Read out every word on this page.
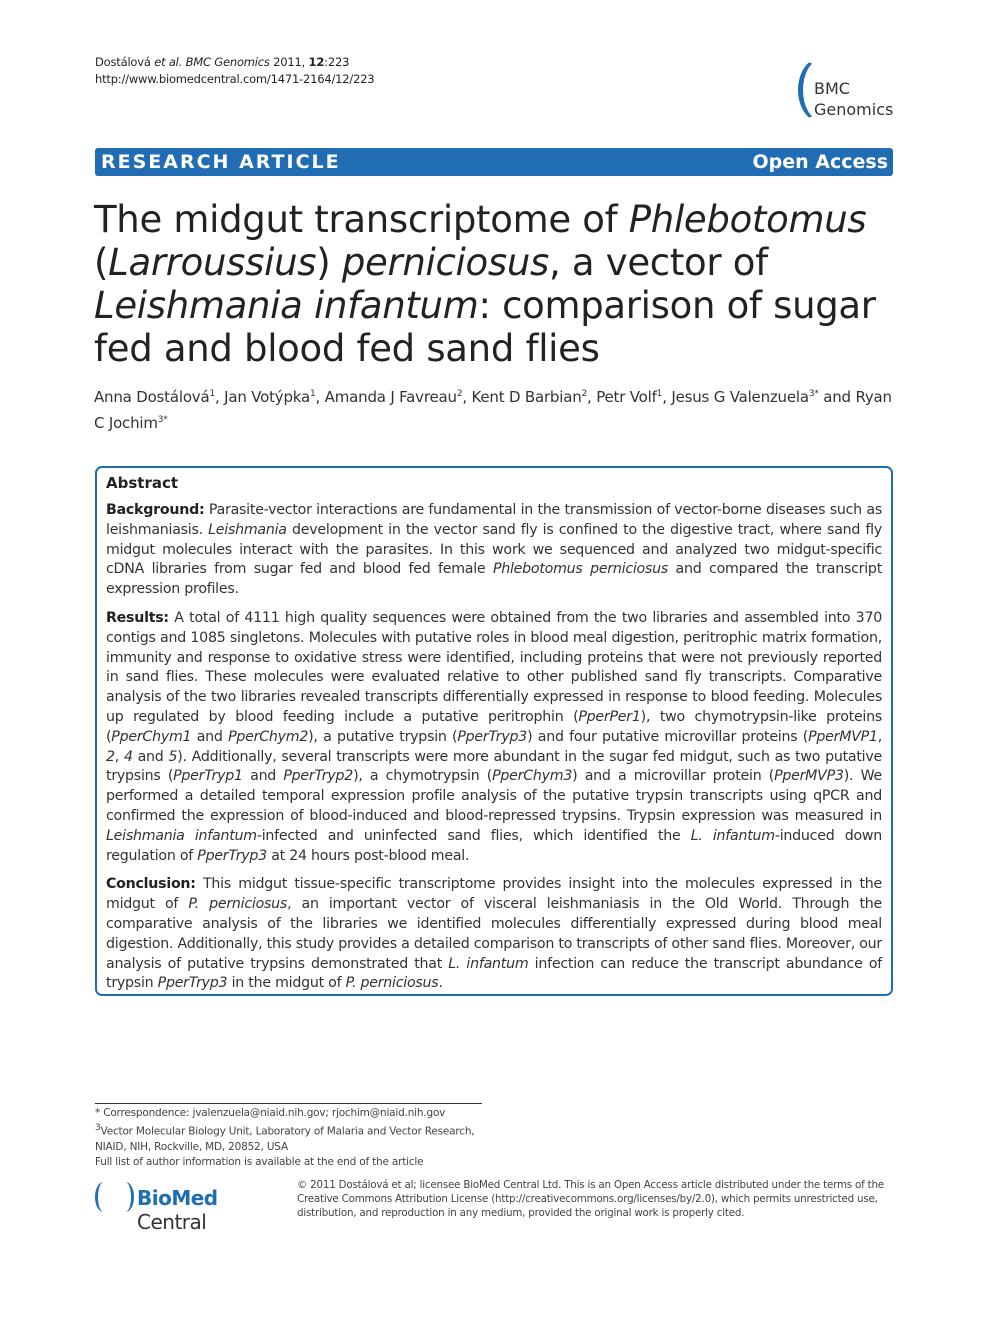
Dostálová et al. BMC Genomics 2011, 12:223
http://www.biomedcentral.com/1471-2164/12/223	BMC Genomics
RESEARCH ARTICLE	Open Access
The midgut transcriptome of Phlebotomus (Larroussius) perniciosus, a vector of Leishmania infantum: comparison of sugar fed and blood fed sand flies
Anna Dostálová$^1$, Jan Votýpka$^1$, Amanda J Favreau$^2$, Kent D Barbian$^2$, Petr Volf$^1$, Jesus G Valenzuela$^{3*}$ and Ryan C Jochim$^{3*}$
Abstract
Background: Parasite-vector interactions are fundamental in the transmission of vector-borne diseases such as leishmaniasis. Leishmania development in the vector sand fly is confined to the digestive tract, where sand fly midgut molecules interact with the parasites. In this work we sequenced and analyzed two midgut-specific cDNA libraries from sugar fed and blood fed female Phlebotomus perniciosus and compared the transcript expression profiles.
Results: A total of 4111 high quality sequences were obtained from the two libraries and assembled into 370 contigs and 1085 singletons. Molecules with putative roles in blood meal digestion, peritrophic matrix formation, immunity and response to oxidative stress were identified, including proteins that were not previously reported in sand flies. These molecules were evaluated relative to other published sand fly transcripts. Comparative analysis of the two libraries revealed transcripts differentially expressed in response to blood feeding. Molecules up regulated by blood feeding include a putative peritrophin (PperPer1), two chymotrypsin-like proteins (PperChym1 and PperChym2), a putative trypsin (PperTryp3) and four putative microvillar proteins (PperMVP1, 2, 4 and 5). Additionally, several transcripts were more abundant in the sugar fed midgut, such as two putative trypsins (PperTryp1 and PperTryp2), a chymotrypsin (PperChym3) and a microvillar protein (PperMVP3). We performed a detailed temporal expression profile analysis of the putative trypsin transcripts using qPCR and confirmed the expression of blood-induced and blood-repressed trypsins. Trypsin expression was measured in Leishmania infantum-infected and uninfected sand flies, which identified the L. infantum-induced down regulation of PperTryp3 at 24 hours post-blood meal.
Conclusion: This midgut tissue-specific transcriptome provides insight into the molecules expressed in the midgut of P. perniciosus, an important vector of visceral leishmaniasis in the Old World. Through the comparative analysis of the libraries we identified molecules differentially expressed during blood meal digestion. Additionally, this study provides a detailed comparison to transcripts of other sand flies. Moreover, our analysis of putative trypsins demonstrated that L. infantum infection can reduce the transcript abundance of trypsin PperTryp3 in the midgut of P. perniciosus.
* Correspondence: jvalenzuela@niaid.nih.gov; rjochim@niaid.nih.gov
$^3$Vector Molecular Biology Unit, Laboratory of Malaria and Vector Research, NIAID, NIH, Rockville, MD, 20852, USA
Full list of author information is available at the end of the article
BioMed Central
© 2011 Dostálová et al; licensee BioMed Central Ltd. This is an Open Access article distributed under the terms of the Creative Commons Attribution License (http://creativecommons.org/licenses/by/2.0), which permits unrestricted use, distribution, and reproduction in any medium, provided the original work is properly cited.
